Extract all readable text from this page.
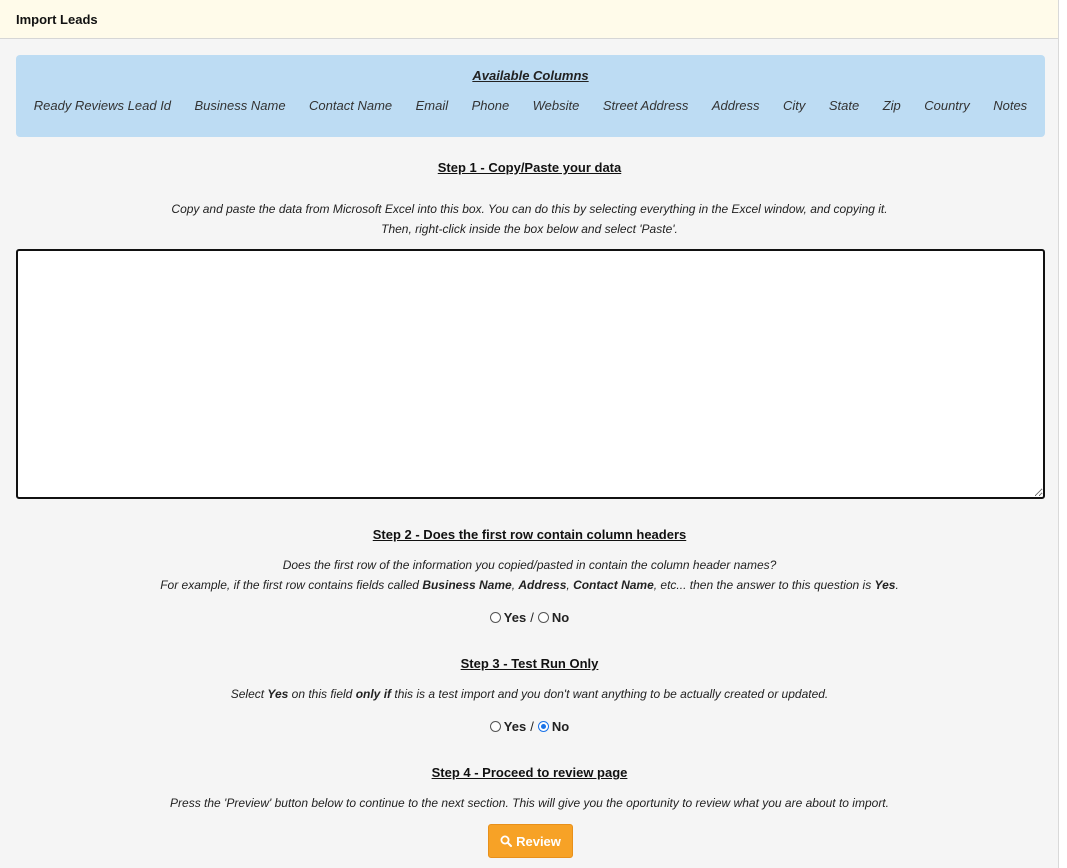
Import Leads
Available Columns
Ready Reviews Lead Id Business Name Contact Name Email Phone Website Street Address Address City State Zip Country Notes
Step 1 - Copy/Paste your data
Copy and paste the data from Microsoft Excel into this box. You can do this by selecting everything in the Excel window, and copying it.
Then, right-click inside the box below and select 'Paste'.
Step 2 - Does the first row contain column headers
Does the first row of the information you copied/pasted in contain the column header names?
For example, if the first row contains fields called Business Name, Address, Contact Name, etc... then the answer to this question is Yes.
Yes / No
Step 3 - Test Run Only
Select Yes on this field only if this is a test import and you don't want anything to be actually created or updated.
Yes / No
Step 4 - Proceed to review page
Press the 'Preview' button below to continue to the next section. This will give you the oportunity to review what you are about to import.
Review
